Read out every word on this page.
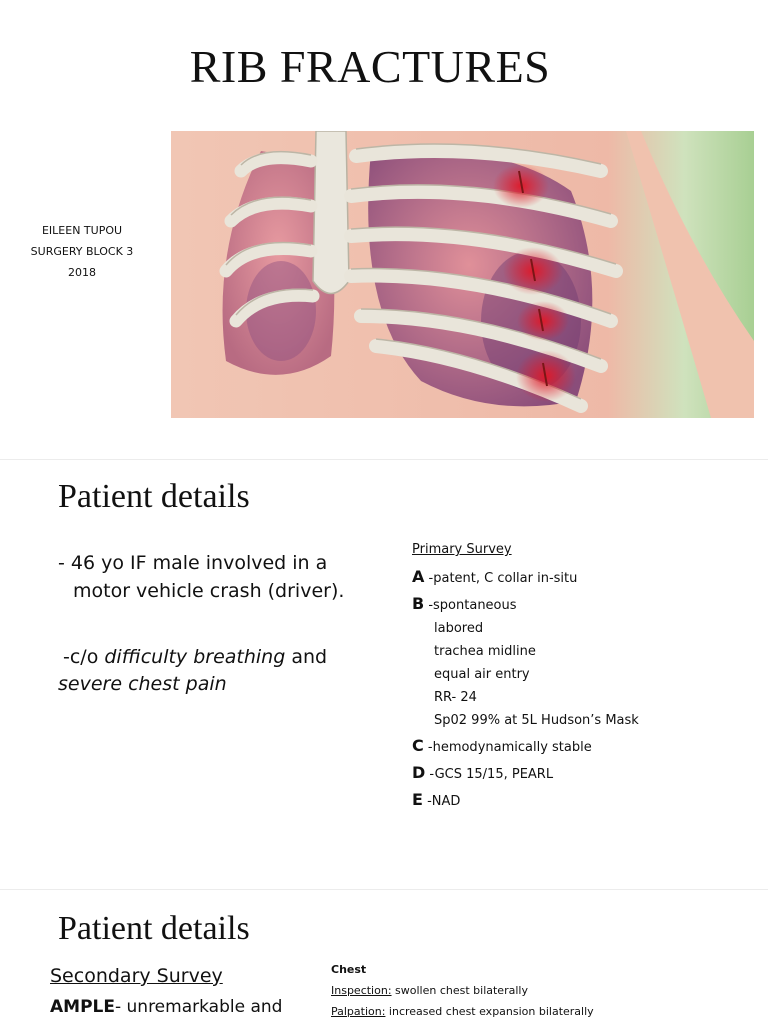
RIB FRACTURES
EILEEN TUPOU
SURGERY BLOCK 3
2018
Patient details
- 46 yo IF male involved in a
motor vehicle crash (driver).
-c/o difficulty breathing and
severe chest pain
Primary Survey
A -patent, C collar in-situ
B -spontaneous
labored
trachea midline
equal air entry
RR- 24
Sp02 99% at 5L Hudson’s Mask
C -hemodynamically stable
D -GCS 15/15, PEARL
E -NAD
Patient details
Secondary Survey
AMPLE- unremarkable and
Chest
Inspection: swollen chest bilaterally
Palpation: increased chest expansion bilaterally
